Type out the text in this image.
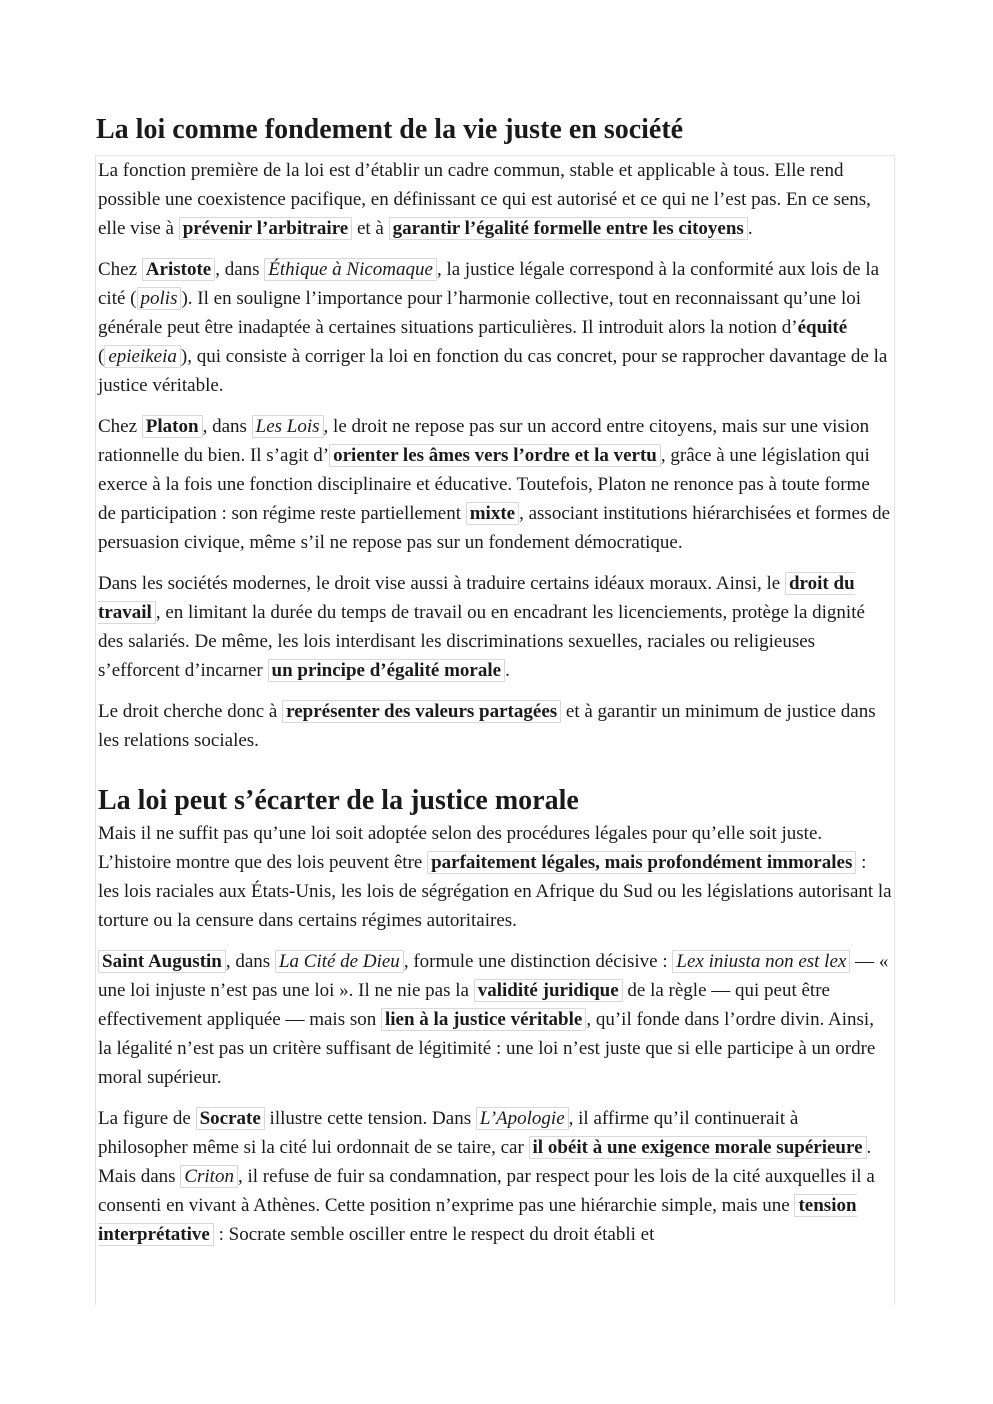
La loi comme fondement de la vie juste en société

La fonction première de la loi est d’établir un cadre commun, stable et applicable à tous. Elle rend possible une coexistence pacifique, en définissant ce qui est autorisé et ce qui ne l’est pas. En ce sens, elle vise à prévenir l’arbitraire et à garantir l’égalité formelle entre les citoyens .

Chez Aristote , dans Éthique à Nicomaque , la justice légale correspond à la conformité aux lois de la cité ( polis ). Il en souligne l’importance pour l’harmonie collective, tout en reconnaissant qu’une loi générale peut être inadaptée à certaines situations particulières. Il introduit alors la notion d’équité ( epieikeia ), qui consiste à corriger la loi en fonction du cas concret, pour se rapprocher davantage de la justice véritable.

Chez Platon , dans Les Lois , le droit ne repose pas sur un accord entre citoyens, mais sur une vision rationnelle du bien. Il s’agit d’ orienter les âmes vers l’ordre et la vertu , grâce à une législation qui exerce à la fois une fonction disciplinaire et éducative. Toutefois, Platon ne renonce pas à toute forme de participation : son régime reste partiellement mixte , associant institutions hiérarchisées et formes de persuasion civique, même s’il ne repose pas sur un fondement démocratique.

Dans les sociétés modernes, le droit vise aussi à traduire certains idéaux moraux. Ainsi, le droit du travail , en limitant la durée du temps de travail ou en encadrant les licenciements, protège la dignité des salariés. De même, les lois interdisant les discriminations sexuelles, raciales ou religieuses s’efforcent d’incarner un principe d’égalité morale .

Le droit cherche donc à représenter des valeurs partagées et à garantir un minimum de justice dans les relations sociales.

La loi peut s’écarter de la justice morale

Mais il ne suffit pas qu’une loi soit adoptée selon des procédures légales pour qu’elle soit juste. L’histoire montre que des lois peuvent être parfaitement légales, mais profondément immorales : les lois raciales aux États-Unis, les lois de ségrégation en Afrique du Sud ou les législations autorisant la torture ou la censure dans certains régimes autoritaires.

Saint Augustin , dans La Cité de Dieu , formule une distinction décisive : Lex iniusta non est lex — « une loi injuste n’est pas une loi ». Il ne nie pas la validité juridique de la règle — qui peut être effectivement appliquée — mais son lien à la justice véritable , qu’il fonde dans l’ordre divin. Ainsi, la légalité n’est pas un critère suffisant de légitimité : une loi n’est juste que si elle participe à un ordre moral supérieur.

La figure de Socrate illustre cette tension. Dans L’Apologie , il affirme qu’il continuerait à philosopher même si la cité lui ordonnait de se taire, car il obéit à une exigence morale supérieure . Mais dans Criton , il refuse de fuir sa condamnation, par respect pour les lois de la cité auxquelles il a consenti en vivant à Athènes. Cette position n’exprime pas une hiérarchie simple, mais une tension interprétative : Socrate semble osciller entre le respect du droit établi et
